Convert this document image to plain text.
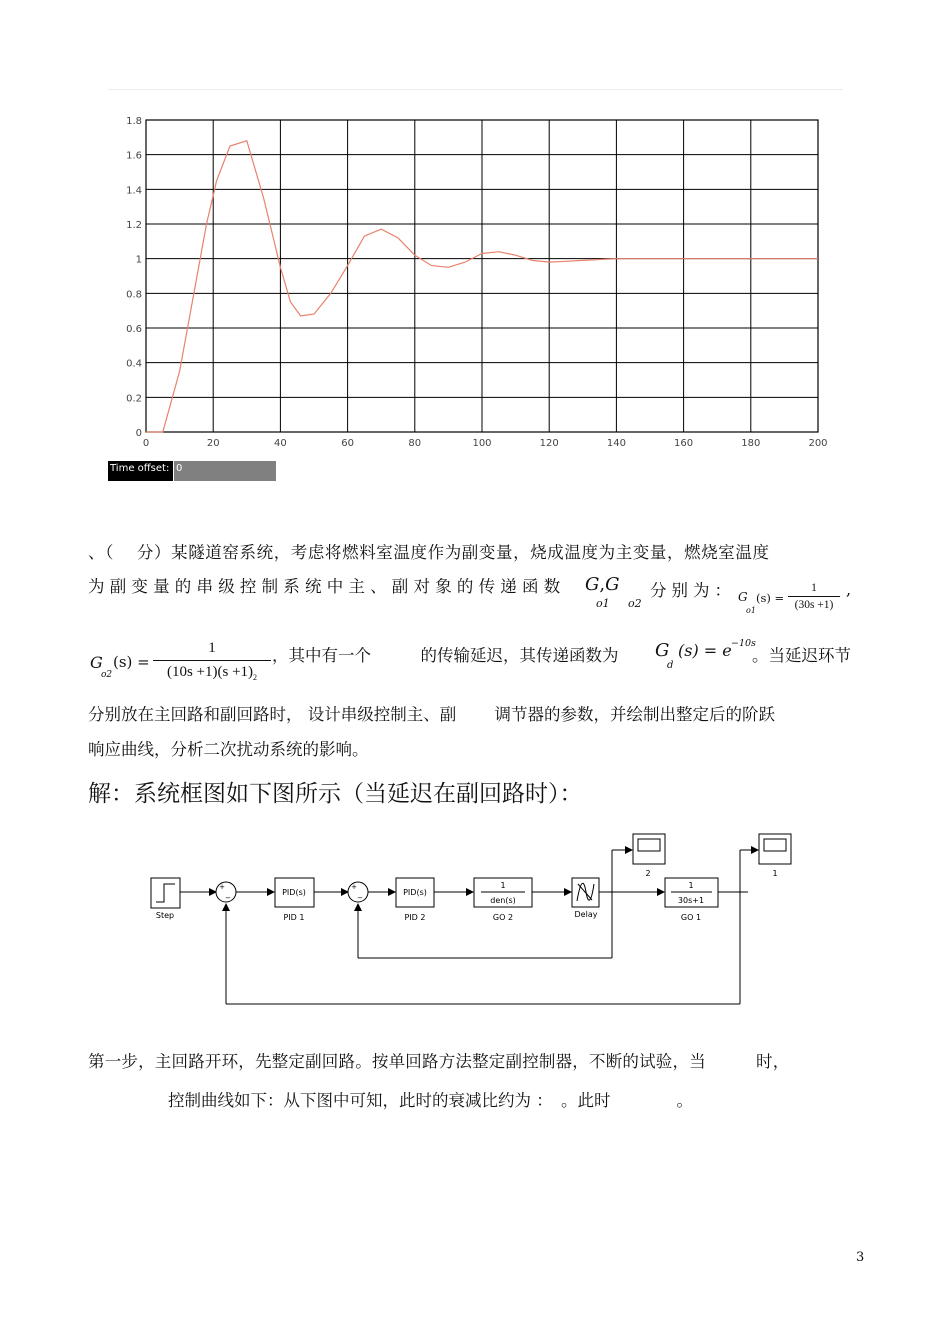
0	20	40	60	80	100	120	140	160	180	200
0
0.2
0.4
0.6
0.8
1
1.2
1.4
1.6
1.8
Time offset: 0
、（　 分）某隧道窑系统，考虑将燃料室温度作为副变量，烧成温度为主变量，燃烧室温度
为副变量的串级控制系统中主、副对象的传递函数 G,G
o1 o2
分别为： G
o1
$(s) = \frac{1}{(30s +1)}$ ,
G
o2
$(s) = \frac{1}{(10s +1)(s +1)_2}$ ，其中有一个　　　的传输延迟，其传递函数为 G
d
(s) = e −10s
。当延迟环节
分别放在主回路和副回路时， 设计串级控制主、副　　 调节器的参数，并绘制出整定后的阶跃
响应曲线，分析二次扰动系统的影响。
解：系统框图如下图所示（当延迟在副回路时）：
Step
+
−
+
−
PID(s)
PID 1
PID(s)
PID 2
1
den(s)
GO 2	Delay
1
30s+1
GO 1
2	1
第一步，主回路开环，先整定副回路。按单回路方法整定副控制器，不断的试验，当　　　时，
控制曲线如下：从下图中可知，此时的衰减比约为 ：　。此时　　　　。
3
